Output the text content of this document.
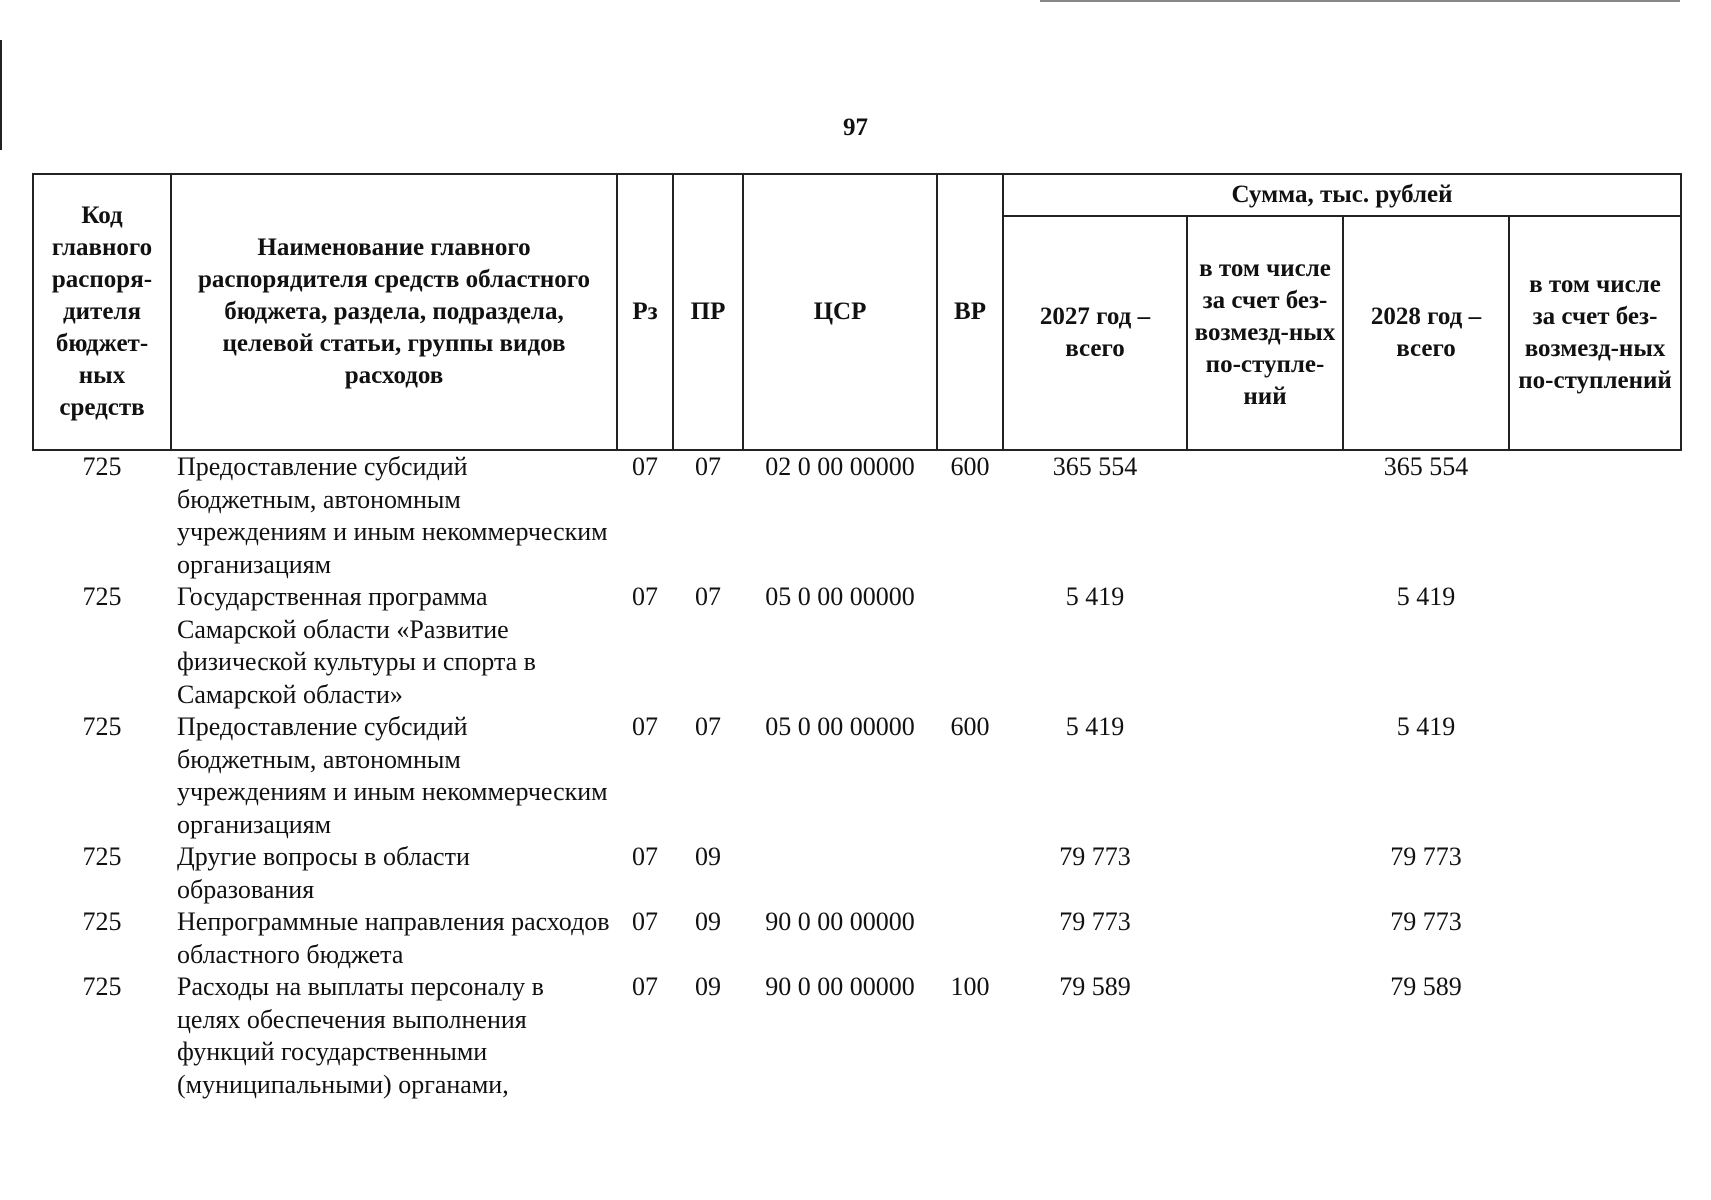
97
Код главного распоря-дителя бюджет-ных средств	Наименование главного распорядителя средств областного бюджета, раздела, подраздела, целевой статьи, группы видов расходов	Рз	ПР	ЦСР	ВР	Сумма, тыс. рублей			
						2027 год – всего	в том числе за счет без-возмезд-ных по-ступле-ний	2028 год – всего	в том числе за счет без-возмезд-ных по-ступлений
725	Предоставление субсидий бюджетным, автономным учреждениям и иным некоммерческим организациям	07	07	02 0 00 00000	600	365 554		365 554	
725	Государственная программа Самарской области «Развитие физической культуры и спорта в Самарской области»	07	07	05 0 00 00000		5 419		5 419	
725	Предоставление субсидий бюджетным, автономным учреждениям и иным некоммерческим организациям	07	07	05 0 00 00000	600	5 419		5 419	
725	Другие вопросы в области образования	07	09			79 773		79 773	
725	Непрограммные направления расходов областного бюджета	07	09	90 0 00 00000		79 773		79 773	
725	Расходы на выплаты персоналу в целях обеспечения выполнения функций государственными (муниципальными) органами,	07	09	90 0 00 00000	100	79 589		79 589	
